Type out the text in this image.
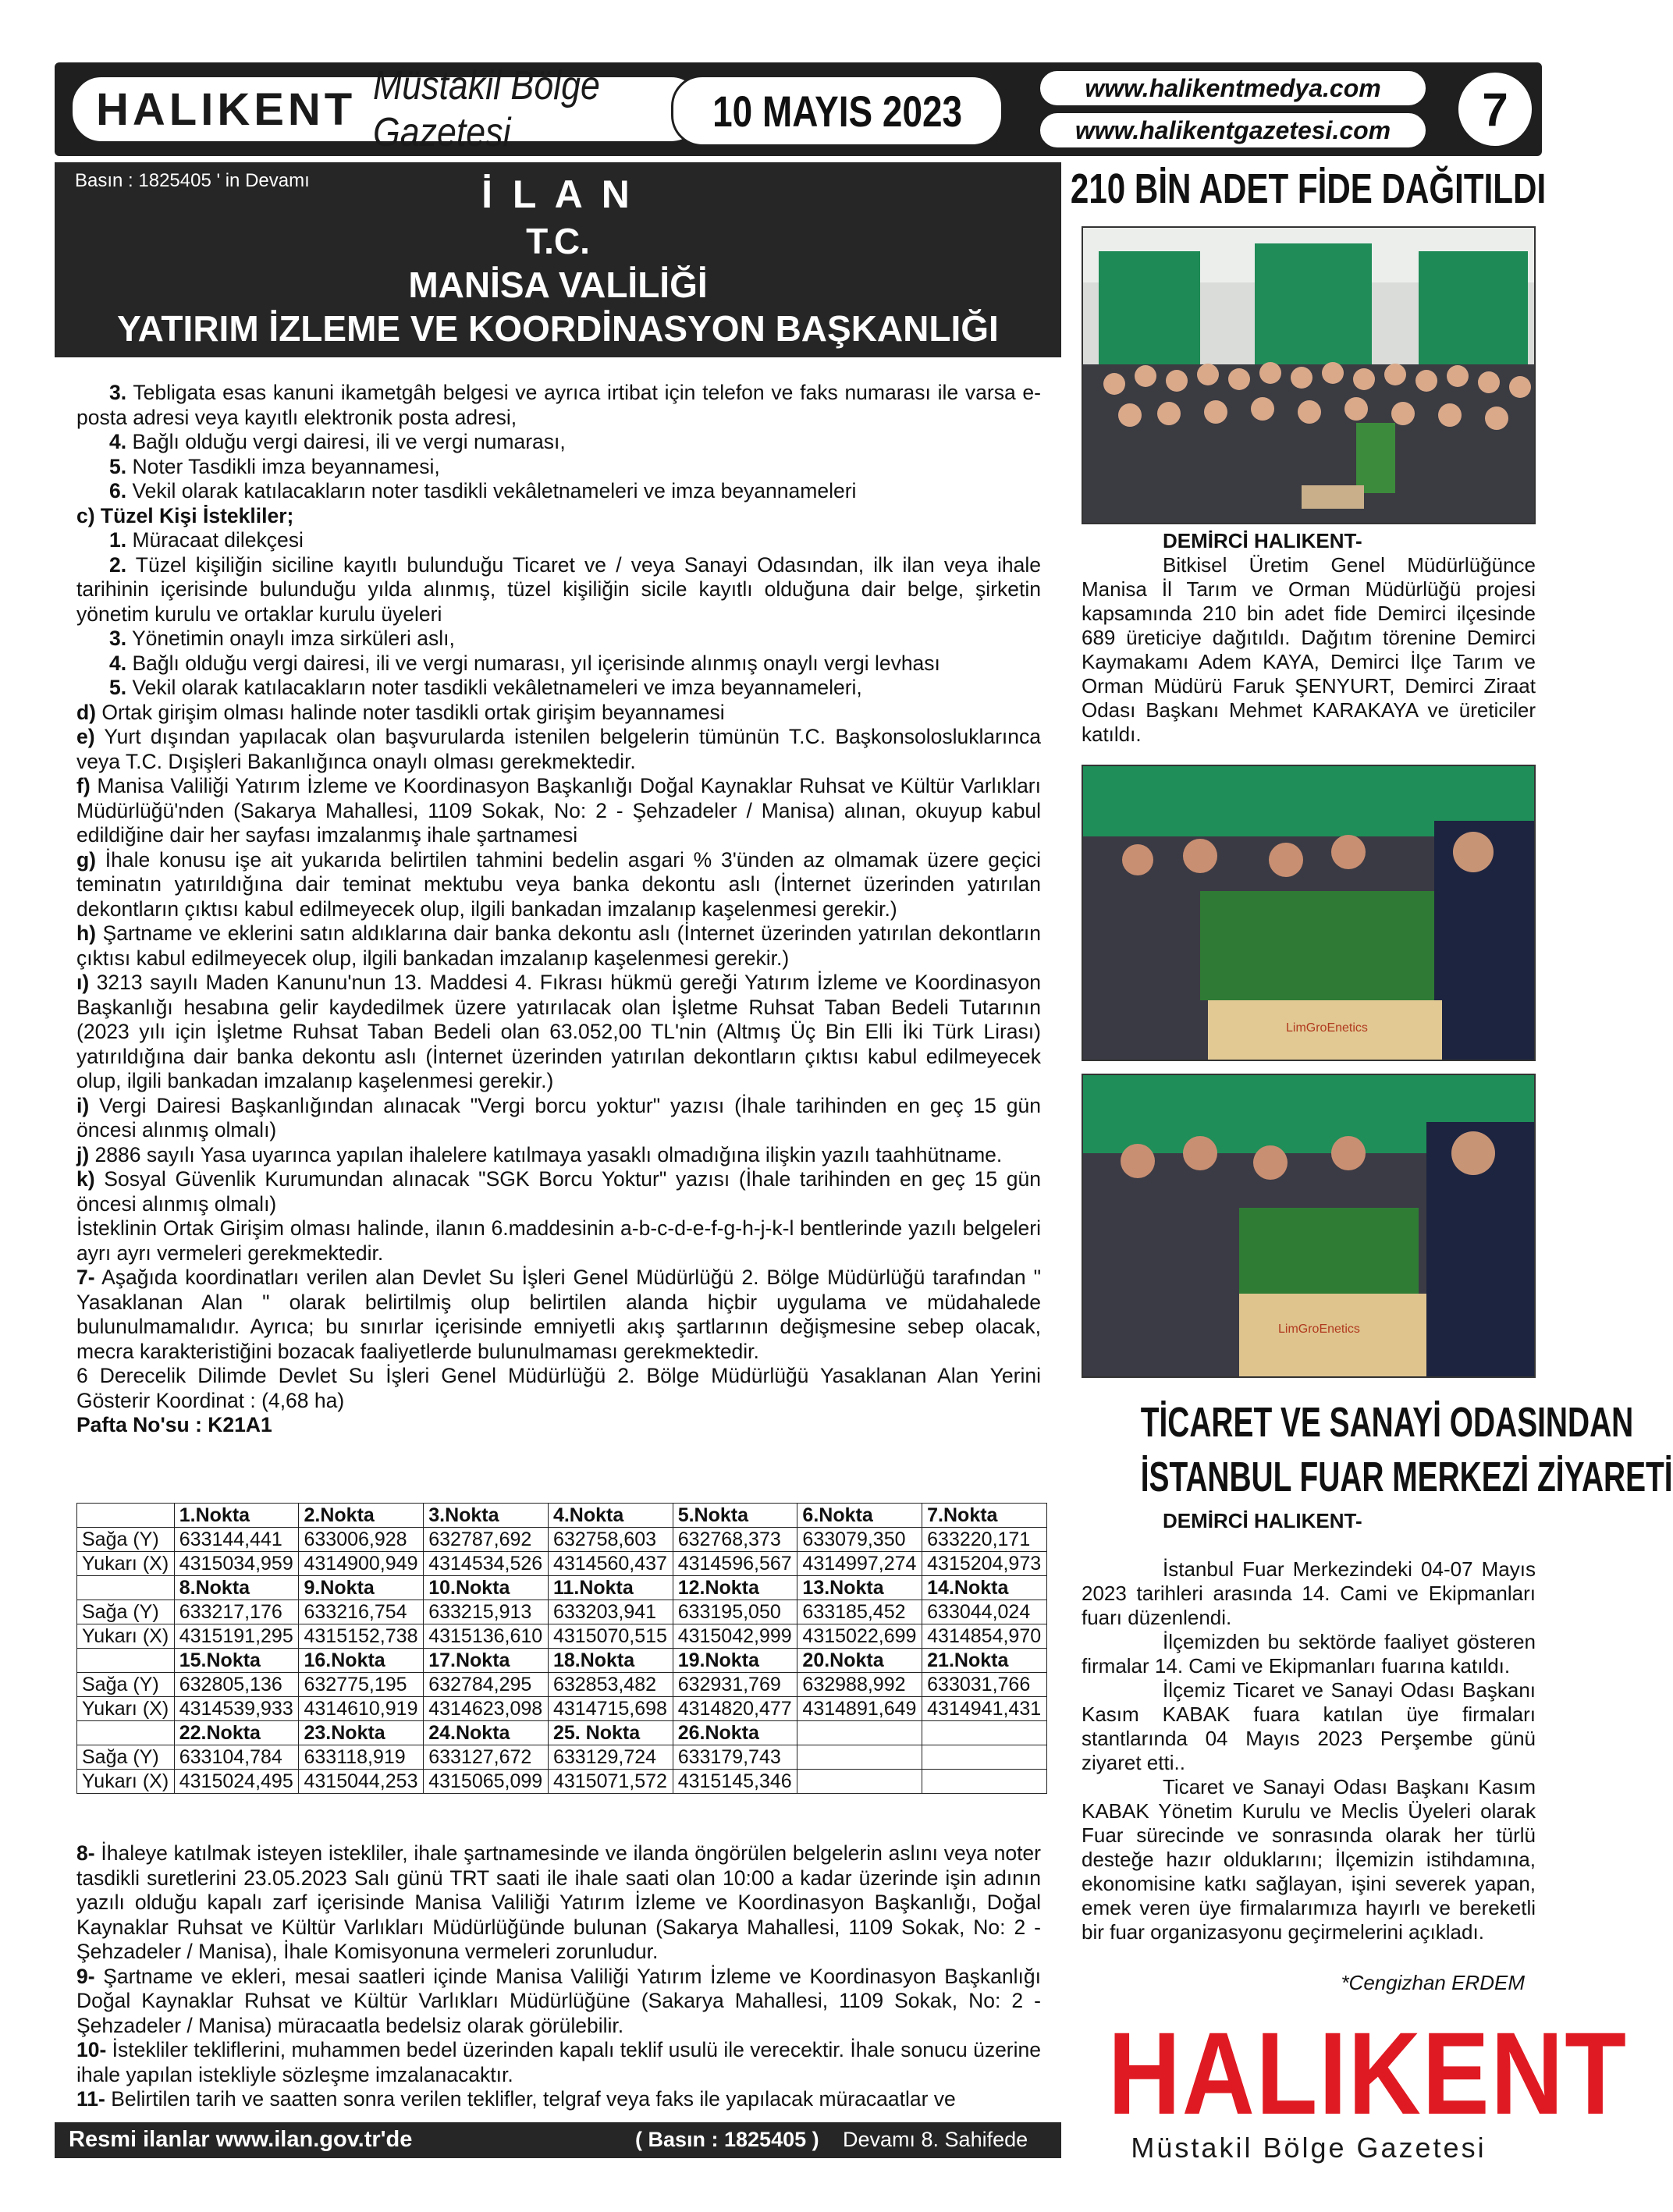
HALIKENT Müstakil Bölge Gazetesi	10 MAYIS 2023	www.halikentmedya.com
www.halikentgazetesi.com 7
Basın : 1825405 ' in Devamı	İ L A N
T.C.
MANİSA VALİLİĞİ
YATIRIM İZLEME VE KOORDİNASYON BAŞKANLIĞI

3. Tebligata esas kanuni ikametgâh belgesi ve ayrıca irtibat için telefon ve faks numarası ile varsa e-posta adresi veya kayıtlı elektronik posta adresi,

4. Bağlı olduğu vergi dairesi, ili ve vergi numarası,

5. Noter Tasdikli imza beyannamesi,

6. Vekil olarak katılacakların noter tasdikli vekâletnameleri ve imza beyannameleri

c) Tüzel Kişi İstekliler;

1. Müracaat dilekçesi

2. Tüzel kişiliğin siciline kayıtlı bulunduğu Ticaret ve / veya Sanayi Odasından, ilk ilan veya ihale tarihinin içerisinde bulunduğu yılda alınmış, tüzel kişiliğin sicile kayıtlı olduğuna dair belge, şirketin yönetim kurulu ve ortaklar kurulu üyeleri

3. Yönetimin onaylı imza sirküleri aslı,

4. Bağlı olduğu vergi dairesi, ili ve vergi numarası, yıl içerisinde alınmış onaylı vergi levhası

5. Vekil olarak katılacakların noter tasdikli vekâletnameleri ve imza beyannameleri,

d) Ortak girişim olması halinde noter tasdikli ortak girişim beyannamesi

e) Yurt dışından yapılacak olan başvurularda istenilen belgelerin tümünün T.C. Başkonsolosluklarınca veya T.C. Dışişleri Bakanlığınca onaylı olması gerekmektedir.

f) Manisa Valiliği Yatırım İzleme ve Koordinasyon Başkanlığı Doğal Kaynaklar Ruhsat ve Kültür Varlıkları Müdürlüğü'nden (Sakarya Mahallesi, 1109 Sokak, No: 2 - Şehzadeler / Manisa) alınan, okuyup kabul edildiğine dair her sayfası imzalanmış ihale şartnamesi

g) İhale konusu işe ait yukarıda belirtilen tahmini bedelin asgari % 3'ünden az olmamak üzere geçici teminatın yatırıldığına dair teminat mektubu veya banka dekontu aslı (İnternet üzerinden yatırılan dekontların çıktısı kabul edilmeyecek olup, ilgili bankadan imzalanıp kaşelenmesi gerekir.)

h) Şartname ve eklerini satın aldıklarına dair banka dekontu aslı (İnternet üzerinden yatırılan dekontların çıktısı kabul edilmeyecek olup, ilgili bankadan imzalanıp kaşelenmesi gerekir.)

ı) 3213 sayılı Maden Kanunu'nun 13. Maddesi 4. Fıkrası hükmü gereği Yatırım İzleme ve Koordinasyon Başkanlığı hesabına gelir kaydedilmek üzere yatırılacak olan İşletme Ruhsat Taban Bedeli Tutarının (2023 yılı için İşletme Ruhsat Taban Bedeli olan 63.052,00 TL'nin (Altmış Üç Bin Elli İki Türk Lirası) yatırıldığına dair banka dekontu aslı (İnternet üzerinden yatırılan dekontların çıktısı kabul edilmeyecek olup, ilgili bankadan imzalanıp kaşelenmesi gerekir.)

i) Vergi Dairesi Başkanlığından alınacak "Vergi borcu yoktur" yazısı (İhale tarihinden en geç 15 gün öncesi alınmış olmalı)

j) 2886 sayılı Yasa uyarınca yapılan ihalelere katılmaya yasaklı olmadığına ilişkin yazılı taahhütname.

k) Sosyal Güvenlik Kurumundan alınacak "SGK Borcu Yoktur" yazısı (İhale tarihinden en geç 15 gün öncesi alınmış olmalı)

İsteklinin Ortak Girişim olması halinde, ilanın 6.maddesinin a-b-c-d-e-f-g-h-j-k-l bentlerinde yazılı belgeleri ayrı ayrı vermeleri gerekmektedir.

7- Aşağıda koordinatları verilen alan Devlet Su İşleri Genel Müdürlüğü 2. Bölge Müdürlüğü tarafından " Yasaklanan Alan " olarak belirtilmiş olup belirtilen alanda hiçbir uygulama ve müdahalede bulunulmamalıdır. Ayrıca; bu sınırlar içerisinde emniyetli akış şartlarının değişmesine sebep olacak, mecra karakteristiğini bozacak faaliyetlerde bulunulmaması gerekmektedir.

6 Derecelik Dilimde Devlet Su İşleri Genel Müdürlüğü 2. Bölge Müdürlüğü Yasaklanan Alan Yerini Gösterir Koordinat : (4,68 ha)

Pafta No'su : K21A1

	1.Nokta	2.Nokta	3.Nokta	4.Nokta	5.Nokta	6.Nokta	7.Nokta
Sağa (Y)	633144,441	633006,928	632787,692	632758,603	632768,373	633079,350	633220,171
Yukarı (X)	4315034,959	4314900,949	4314534,526	4314560,437	4314596,567	4314997,274	4315204,973
	8.Nokta	9.Nokta	10.Nokta	11.Nokta	12.Nokta	13.Nokta	14.Nokta
Sağa (Y)	633217,176	633216,754	633215,913	633203,941	633195,050	633185,452	633044,024
Yukarı (X)	4315191,295	4315152,738	4315136,610	4315070,515	4315042,999	4315022,699	4314854,970
	15.Nokta	16.Nokta	17.Nokta	18.Nokta	19.Nokta	20.Nokta	21.Nokta
Sağa (Y)	632805,136	632775,195	632784,295	632853,482	632931,769	632988,992	633031,766
Yukarı (X)	4314539,933	4314610,919	4314623,098	4314715,698	4314820,477	4314891,649	4314941,431
	22.Nokta	23.Nokta	24.Nokta	25. Nokta	26.Nokta		
Sağa (Y)	633104,784	633118,919	633127,672	633129,724	633179,743		
Yukarı (X)	4315024,495	4315044,253	4315065,099	4315071,572	4315145,346		

8- İhaleye katılmak isteyen istekliler, ihale şartnamesinde ve ilanda öngörülen belgelerin aslını veya noter tasdikli suretlerini 23.05.2023 Salı günü TRT saati ile ihale saati olan 10:00 a kadar üzerinde işin adının yazılı olduğu kapalı zarf içerisinde Manisa Valiliği Yatırım İzleme ve Koordinasyon Başkanlığı, Doğal Kaynaklar Ruhsat ve Kültür Varlıkları Müdürlüğünde bulunan (Sakarya Mahallesi, 1109 Sokak, No: 2 - Şehzadeler / Manisa), İhale Komisyonuna vermeleri zorunludur.

9- Şartname ve ekleri, mesai saatleri içinde Manisa Valiliği Yatırım İzleme ve Koordinasyon Başkanlığı Doğal Kaynaklar Ruhsat ve Kültür Varlıkları Müdürlüğüne (Sakarya Mahallesi, 1109 Sokak, No: 2 - Şehzadeler / Manisa) müracaatla bedelsiz olarak görülebilir.

10- İstekliler tekliflerini, muhammen bedel üzerinden kapalı teklif usulü ile verecektir. İhale sonucu üzerine ihale yapılan istekliyle sözleşme imzalanacaktır.

11- Belirtilen tarih ve saatten sonra verilen teklifler, telgraf veya faks ile yapılacak müracaatlar ve

Resmi ilanlar www.ilan.gov.tr'de	( Basın : 1825405 ) Devamı 8. Sahifede
210 BİN ADET FİDE DAĞITILDI

DEMİRCİ HALIKENT-

Bitkisel Üretim Genel Müdürlüğünce Manisa İl Tarım ve Orman Müdürlüğü projesi kapsamında 210 bin adet fide Demirci ilçesinde 689 üreticiye dağıtıldı. Dağıtım törenine Demirci Kaymakamı Adem KAYA, Demirci İlçe Tarım ve Orman Müdürü Faruk ŞENYURT, Demirci Ziraat Odası Başkanı Mehmet KARAKAYA ve üreticiler katıldı.

LimGroEnetics
LimGroEnetics
TİCARET VE SANAYİ ODASINDAN
İSTANBUL FUAR MERKEZİ ZİYARETİ

DEMİRCİ HALIKENT-

İstanbul Fuar Merkezindeki 04-07 Mayıs 2023 tarihleri arasında 14. Cami ve Ekipmanları fuarı düzenlendi.

İlçemizden bu sektörde faaliyet gösteren firmalar 14. Cami ve Ekipmanları fuarına katıldı.

İlçemiz Ticaret ve Sanayi Odası Başkanı Kasım KABAK fuara katılan üye firmaları stantlarında 04 Mayıs 2023 Perşembe günü ziyaret etti..

Ticaret ve Sanayi Odası Başkanı Kasım KABAK Yönetim Kurulu ve Meclis Üyeleri olarak Fuar sürecinde ve sonrasında olarak her türlü desteğe hazır olduklarını; İlçemizin istihdamına, ekonomisine katkı sağlayan, işini severek yapan, emek veren üye firmalarımıza hayırlı ve bereketli bir fuar organizasyonu geçirmelerini açıkladı.

*Cengizhan ERDEM
HALIKENT
Müstakil Bölge Gazetesi
